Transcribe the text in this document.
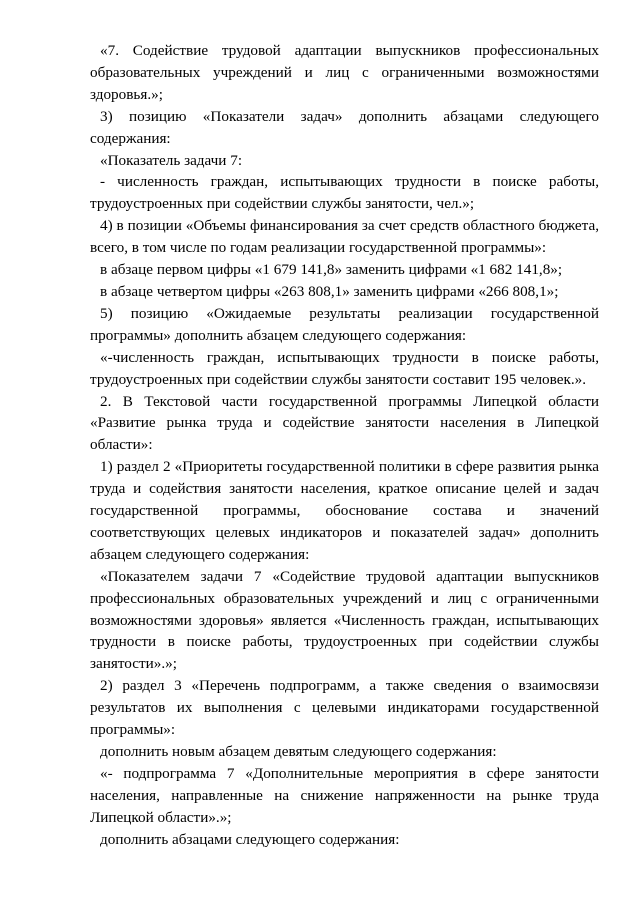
«7. Содействие трудовой адаптации выпускников профессиональных образовательных учреждений и лиц с ограниченными возможностями здоровья.»;

3) позицию «Показатели задач» дополнить абзацами следующего содержания:

«Показатель задачи 7:

- численность граждан, испытывающих трудности в поиске работы, трудоустроенных при содействии службы занятости, чел.»;

4) в позиции «Объемы финансирования за счет средств областного бюджета, всего, в том числе по годам реализации государственной программы»:

в абзаце первом цифры «1 679 141,8» заменить цифрами «1 682 141,8»;

в абзаце четвертом цифры «263 808,1» заменить цифрами «266 808,1»;

5) позицию «Ожидаемые результаты реализации государственной программы» дополнить абзацем следующего содержания:

«-численность граждан, испытывающих трудности в поиске работы, трудоустроенных при содействии службы занятости составит 195 человек.».

2. В Текстовой части государственной программы Липецкой области «Развитие рынка труда и содействие занятости населения в Липецкой области»:

1) раздел 2 «Приоритеты государственной политики в сфере развития рынка труда и содействия занятости населения, краткое описание целей и задач государственной программы, обоснование состава и значений соответствующих целевых индикаторов и показателей задач» дополнить абзацем следующего содержания:

«Показателем задачи 7 «Содействие трудовой адаптации выпускников профессиональных образовательных учреждений и лиц с ограниченными возможностями здоровья» является «Численность граждан, испытывающих трудности в поиске работы, трудоустроенных при содействии службы занятости».»;

2) раздел 3 «Перечень подпрограмм, а также сведения о взаимосвязи результатов их выполнения с целевыми индикаторами государственной программы»:

дополнить новым абзацем девятым следующего содержания:

«- подпрограмма 7 «Дополнительные мероприятия в сфере занятости населения, направленные на снижение напряженности на рынке труда Липецкой области».»;

дополнить абзацами следующего содержания:
